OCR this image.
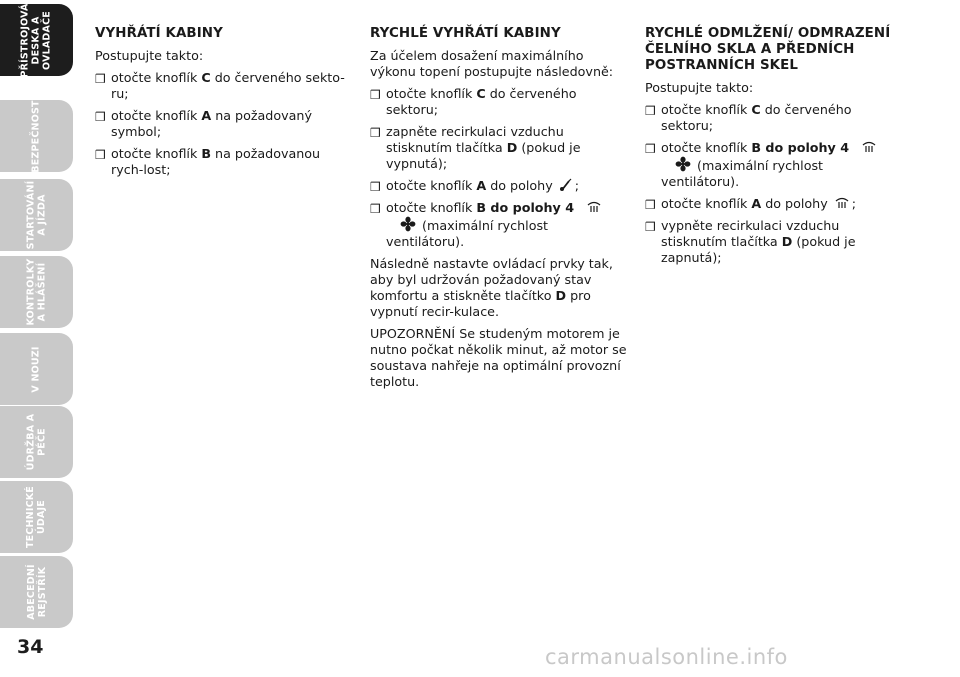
PŘÍSTROJOVÁ
DESKA A
OVLADAČE
BEZPEČNOST
STARTOVÁNÍ
A JÍZDA
KONTROLKY
A HLÁŠENÍ
V NOUZI
ÚDRŽBA A
PÉČE
TECHNICKÉ
ÚDAJE
ABECEDNÍ
REJSTŘÍK
34
VYHŘÁTÍ KABINY

Postupujte takto:

❒ otočte knoflík C do červeného sekto-ru;
❒ otočte knoflík A na požadovaný symbol;
❒ otočte knoflík B na požadovanou rych-lost;
RYCHLÉ VYHŘÁTÍ KABINY

Za účelem dosažení maximálního výkonu topení postupujte následovně:

❒ otočte knoflík C do červeného sektoru;
❒ zapněte recirkulaci vzduchu stisknutím tlačítka D (pokud je vypnutá);
❒ otočte knoflík A do polohy ;
❒ otočte knoflík B do polohy 4   (maximální rychlost ventilátoru).

Následně nastavte ovládací prvky tak, aby byl udržován požadovaný stav komfortu a stiskněte tlačítko D pro vypnutí recir-kulace.

UPOZORNĚNÍ Se studeným motorem je nutno počkat několik minut, až motor se soustava nahřeje na optimální provozní teplotu.

RYCHLÉ ODMLŽENÍ/ ODMRAZENÍ ČELNÍHO SKLA A PŘEDNÍCH POSTRANNÍCH SKEL

Postupujte takto:

❒ otočte knoflík C do červeného sektoru;
❒ otočte knoflík B do polohy 4   (maximální rychlost ventilátoru).
❒ otočte knoflík A do polohy ;
❒ vypněte recirkulaci vzduchu stisknutím tlačítka D (pokud je zapnutá);
carmanualsonline.info
